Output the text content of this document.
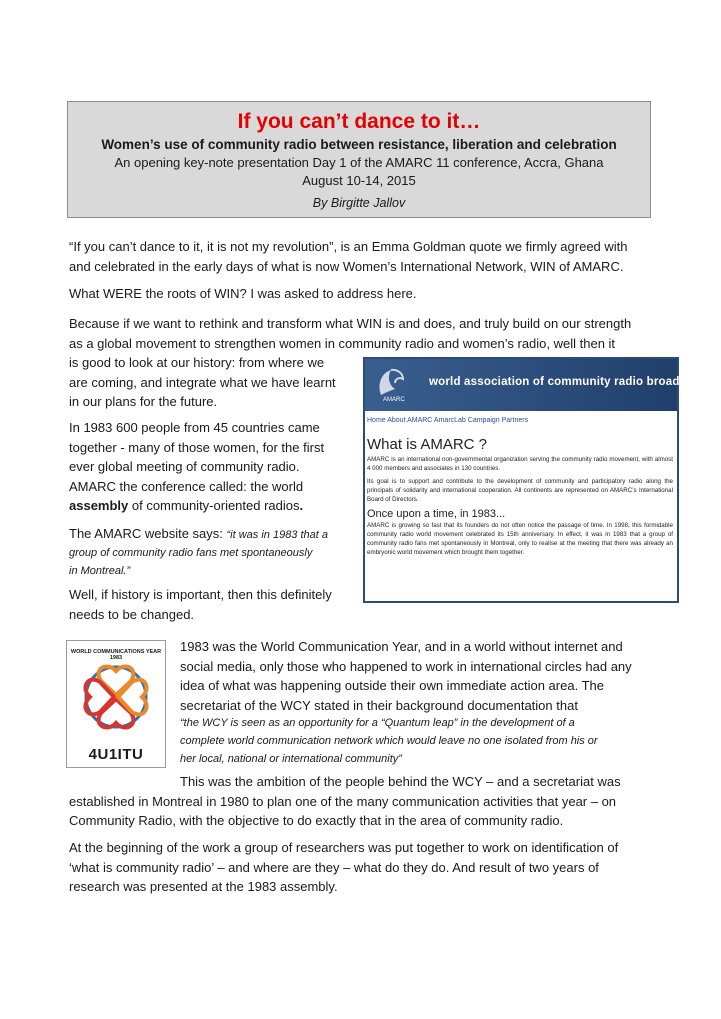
If you can’t dance to it…
Women’s use of community radio between resistance, liberation and celebration
An opening key-note presentation Day 1 of the AMARC 11 conference, Accra, Ghana
August 10-14, 2015
By Birgitte Jallov
“If you can’t dance to it, it is not my revolution”, is an Emma Goldman quote we firmly agreed with
and celebrated in the early days of what is now Women’s International Network, WIN of AMARC.
What WERE the roots of WIN? I was asked to address here.
Because if we want to rethink and transform what WIN is and does, and truly build on our strength
as a global movement to strengthen women in community radio and women’s radio, well then it
is good to look at our history: from where we
are coming, and integrate what we have learnt
in our plans for the future.
In 1983 600 people from 45 countries came
together - many of those women, for the first
ever global meeting of community radio.
AMARC the conference called: the world
assembly of community-oriented radios.
The AMARC website says: “it was in 1983 that a
group of community radio fans met spontaneously
in Montreal.”
Well, if history is important, then this definitely
needs to be changed.
AMARC
world association of community radio broadcasters
Home About AMARC AmarcLab Campaign Partners
What is AMARC ?

AMARC is an international non-governmental organization serving the community radio movement, with almost 4 000 members and associates in 130 countries.

Its goal is to support and contribute to the development of community and participatory radio along the principals of solidarity and international cooperation. All continents are represented on AMARC’s International Board of Directors.

Once upon a time, in 1983...

AMARC is growing so fast that its founders do not often notice the passage of time. In 1998, this formidable community radio world movement celebrated its 15th anniversary. In effect, it was in 1983 that a group of community radio fans met spontaneously in Montreal, only to realise at the meeting that there was already an embryonic world movement which brought them together.

WORLD COMMUNICATIONS YEAR 1983
4U1ITU
1983 was the World Communication Year, and in a world without internet and
social media, only those who happened to work in international circles had any
idea of what was happening outside their own immediate action area. The
secretariat of the WCY stated in their background documentation that
“the WCY is seen as an opportunity for a “Quantum leap” in the development of a
complete world communication network which would leave no one isolated from his or
her local, national or international community”
This was the ambition of the people behind the WCY – and a secretariat was
established in Montreal in 1980 to plan one of the many communication activities that year – on
Community Radio, with the objective to do exactly that in the area of community radio.
At the beginning of the work a group of researchers was put together to work on identification of
‘what is community radio’ – and where are they – what do they do. And result of two years of
research was presented at the 1983 assembly.
